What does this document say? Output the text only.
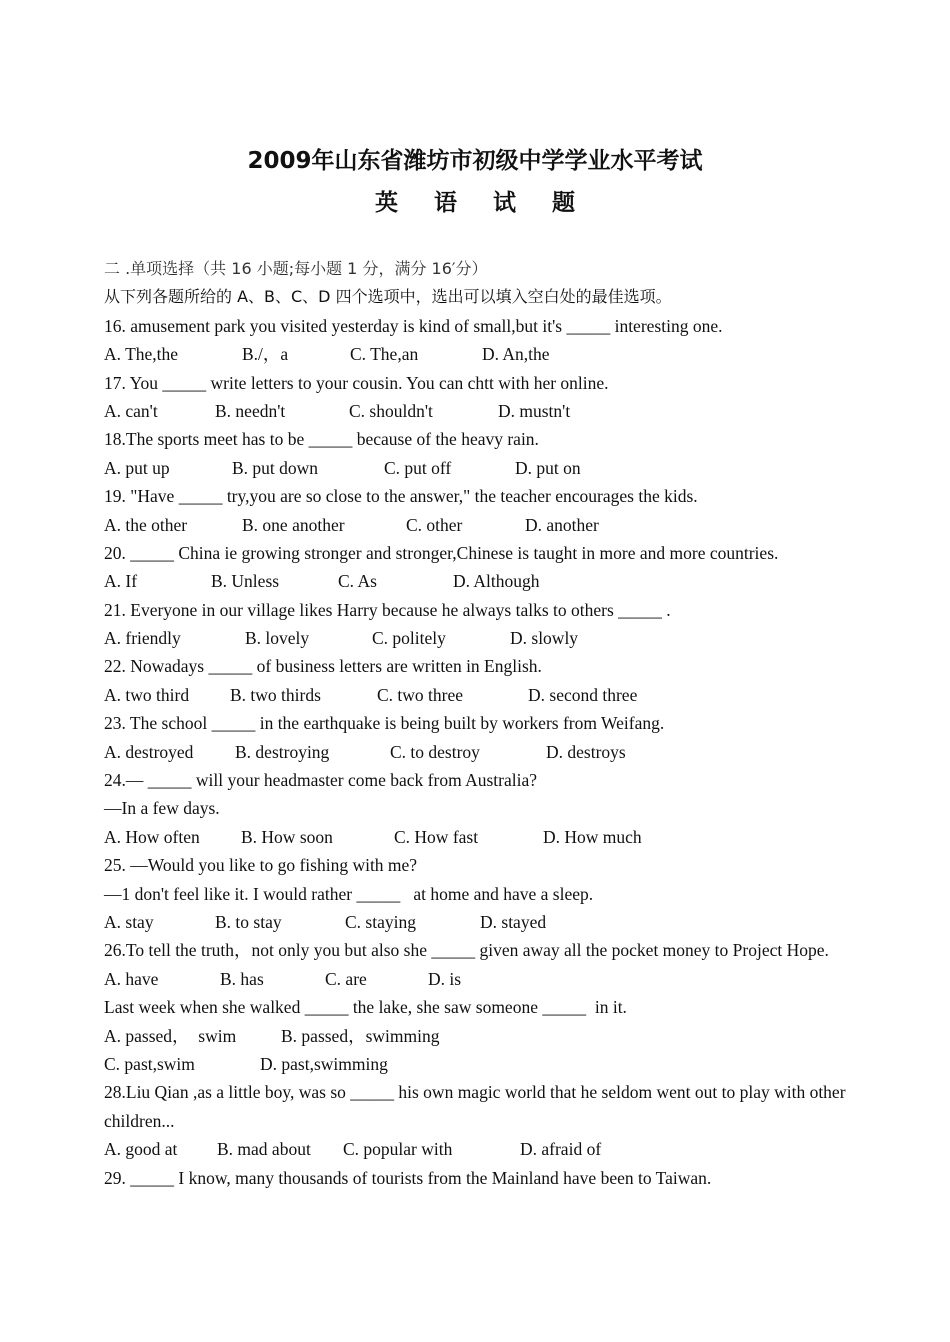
2009年山东省潍坊市初级中学学业水平考试
英 语 试 题
二 .单项选择（共 16 小题;每小题 1 分，满分 16′分）
从下列各题所给的 A、B、C、D 四个选项中，选出可以填入空白处的最佳选项。
16. amusement park you visited yesterday is kind of small,but it's _____ interesting one.
A. The,the	B./，a	C. The,an	D. An,the
17. You _____ write letters to your cousin. You can chtt with her online.
A. can't	B. needn't	C. shouldn't	D. mustn't
18.The sports meet has to be _____ because of the heavy rain.
A. put up	B. put down	C. put off	D. put on
19. "Have _____ try,you are so close to the answer," the teacher encourages the kids.
A. the other	B. one another	C. other	D. another
20. _____ China ie growing stronger and stronger,Chinese is taught in more and more countries.
A. If	B. Unless	C. As	D. Although
21. Everyone in our village likes Harry because he always talks to others _____ .
A. friendly	B. lovely	C. politely	D. slowly
22. Nowadays _____ of business letters are written in English.
A. two third	B. two thirds	C. two three	D. second three
23. The school _____ in the earthquake is being built by workers from Weifang.
A. destroyed	B. destroying	C. to destroy	D. destroys
24.— _____ will your headmaster come back from Australia?
—In a few days.
A. How often	B. How soon	C. How fast	D. How much
25. —Would you like to go fishing with me?
—1 don't feel like it. I would rather _____   at home and have a sleep.
A. stay	B. to stay	C. staying	D. stayed
26.To tell the truth，not only you but also she _____ given away all the pocket money to Project Hope.
A. have	B. has	C. are	D. is
Last week when she walked _____ the lake, she saw someone _____  in it.
A. passed，  swim	B. passed，swimming
C. past,swim	D. past,swimming
28.Liu Qian ,as a little boy, was so _____ his own magic world that he seldom went out to play with other children...
A. good at	B. mad about	C. popular with	D. afraid of
29. _____ I know, many thousands of tourists from the Mainland have been to Taiwan.
